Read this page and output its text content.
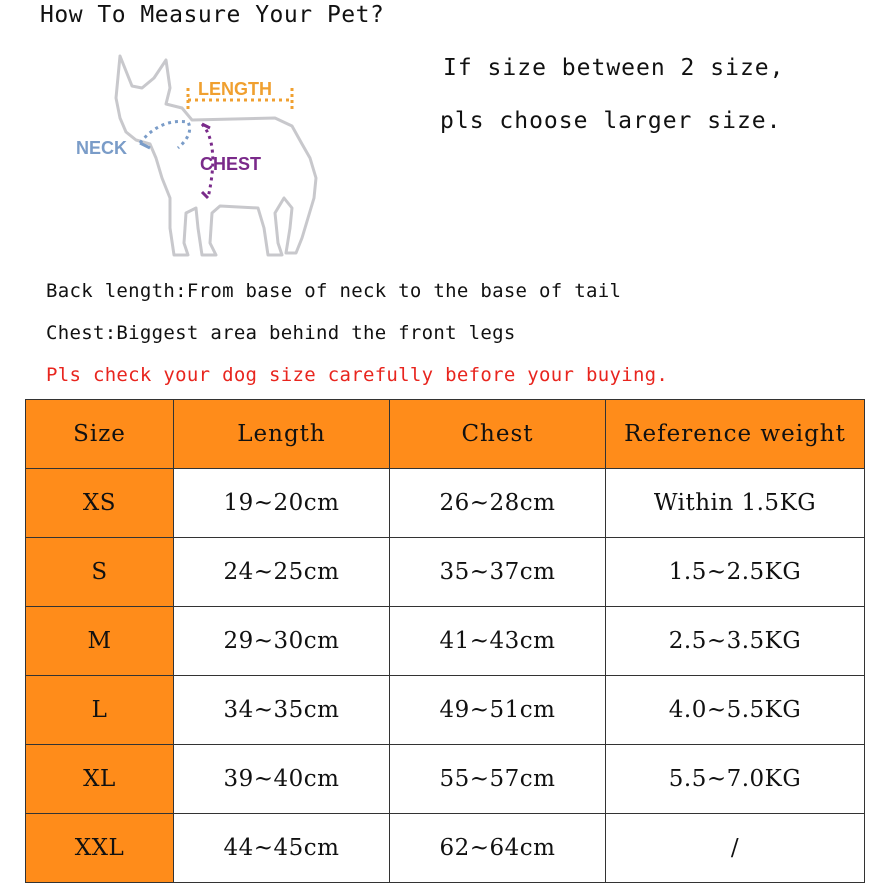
How To Measure Your Pet?
If size between 2 size,
pls choose larger size.
LENGTH
NECK
CHEST
Back length:From base of neck to the base of tail
Chest:Biggest area behind the front legs
Pls check your dog size carefully before your buying.
Size	Length	Chest	Reference weight
XS	19~20cm	26~28cm	Within 1.5KG
S	24~25cm	35~37cm	1.5~2.5KG
M	29~30cm	41~43cm	2.5~3.5KG
L	34~35cm	49~51cm	4.0~5.5KG
XL	39~40cm	55~57cm	5.5~7.0KG
XXL	44~45cm	62~64cm	/
